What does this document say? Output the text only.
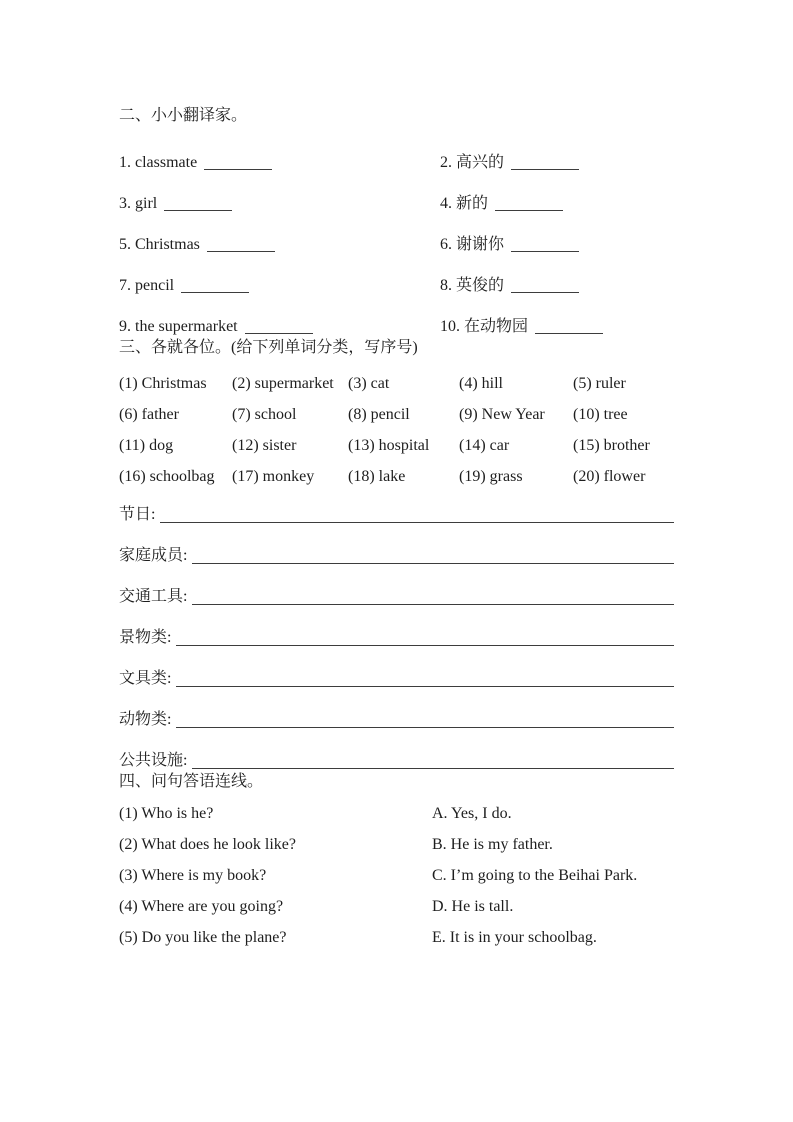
二、小小翻译家。
1. classmate	2. 高兴的
3. girl	4. 新的
5. Christmas	6. 谢谢你
7. pencil	8. 英俊的
9. the supermarket	10. 在动物园
三、各就各位。(给下列单词分类，写序号)
(1) Christmas	(2) supermarket (3) cat	(4) hill	(5) ruler
(6) father	(7) school	(8) pencil	(9) New Year	(10) tree
(11) dog	(12) sister	(13) hospital	(14) car	(15) brother
(16) schoolbag	(17) monkey	(18) lake	(19) grass	(20) flower
节日:
家庭成员:
交通工具:
景物类:
文具类:
动物类:
公共设施:
四、问句答语连线。
(1) Who is he?	A. Yes, I do.
(2) What does he look like?	B. He is my father.
(3) Where is my book?	C. I’m going to the Beihai Park.
(4) Where are you going?	D. He is tall.
(5) Do you like the plane?	E. It is in your schoolbag.
